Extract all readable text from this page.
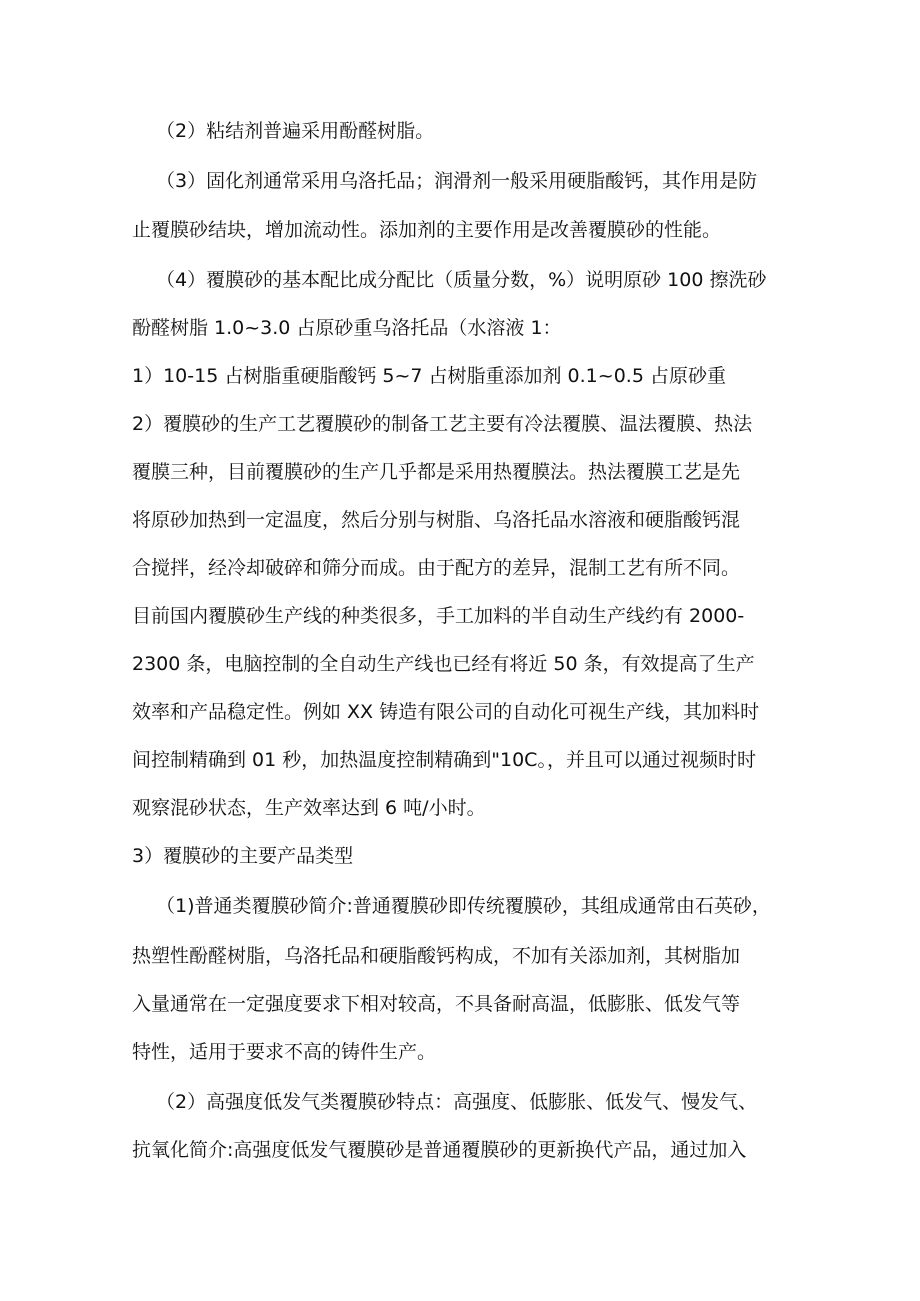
（2）粘结剂普遍采用酚醛树脂。
（3）固化剂通常采用乌洛托品；润滑剂一般采用硬脂酸钙，其作用是防
止覆膜砂结块，增加流动性。添加剂的主要作用是改善覆膜砂的性能。
（4）覆膜砂的基本配比成分配比（质量分数，%）说明原砂 100 擦洗砂
酚醛树脂 1.0~3.0 占原砂重乌洛托品（水溶液 1：
1）10-15 占树脂重硬脂酸钙 5~7 占树脂重添加剂 0.1~0.5 占原砂重
2）覆膜砂的生产工艺覆膜砂的制备工艺主要有冷法覆膜、温法覆膜、热法
覆膜三种，目前覆膜砂的生产几乎都是采用热覆膜法。热法覆膜工艺是先
将原砂加热到一定温度，然后分别与树脂、乌洛托品水溶液和硬脂酸钙混
合搅拌，经冷却破碎和筛分而成。由于配方的差异，混制工艺有所不同。
目前国内覆膜砂生产线的种类很多，手工加料的半自动生产线约有 2000-
2300 条，电脑控制的全自动生产线也已经有将近 50 条，有效提高了生产
效率和产品稳定性。例如 XX 铸造有限公司的自动化可视生产线，其加料时
间控制精确到 01 秒，加热温度控制精确到"10C。，并且可以通过视频时时
观察混砂状态，生产效率达到 6 吨/小时。
3）覆膜砂的主要产品类型
（1)普通类覆膜砂简介:普通覆膜砂即传统覆膜砂，其组成通常由石英砂，
热塑性酚醛树脂，乌洛托品和硬脂酸钙构成，不加有关添加剂，其树脂加
入量通常在一定强度要求下相对较高，不具备耐高温，低膨胀、低发气等
特性，适用于要求不高的铸件生产。
（2）高强度低发气类覆膜砂特点：高强度、低膨胀、低发气、慢发气、
抗氧化简介:高强度低发气覆膜砂是普通覆膜砂的更新换代产品，通过加入
